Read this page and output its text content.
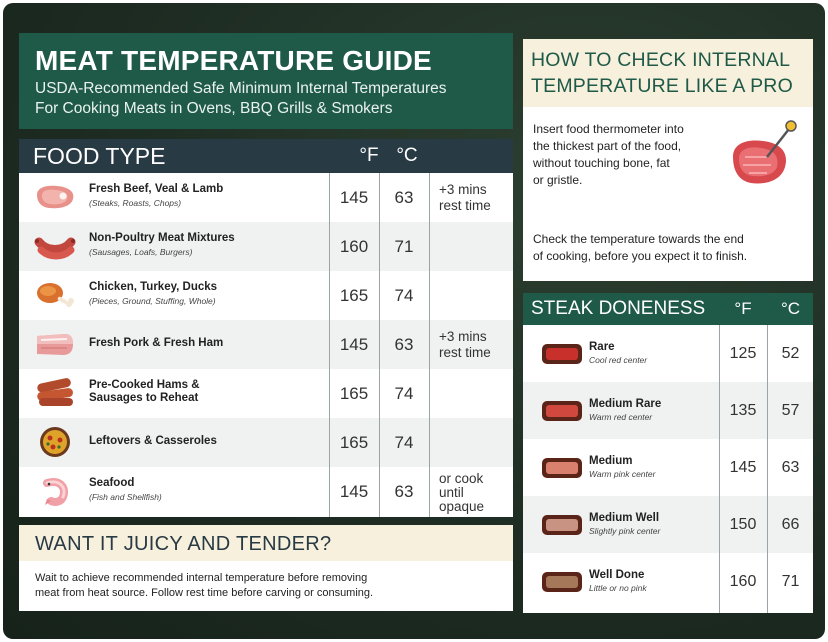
MEAT TEMPERATURE GUIDE
USDA-Recommended Safe Minimum Internal Temperatures
For Cooking Meats in Ovens, BBQ Grills & Smokers
FOOD TYPE	°F °C
Fresh Beef, Veal & Lamb
(Steaks, Roasts, Chops)	145	63	+3 mins
rest time
Non-Poultry Meat Mixtures
(Sausages, Loafs, Burgers)	160	71
Chicken, Turkey, Ducks
(Pieces, Ground, Stuffing, Whole)	165	74
Fresh Pork & Fresh Ham	145	63	+3 mins
rest time
Pre-Cooked Hams &
Sausages to Reheat	165	74
Leftovers & Casseroles	165	74
Seafood
(Fish and Shellfish)	145	63
or cook
until
opaque
WANT IT JUICY AND TENDER?
Wait to achieve recommended internal temperature before removing
meat from heat source. Follow rest time before carving or consuming.
HOW TO CHECK INTERNAL
TEMPERATURE LIKE A PRO
Insert food thermometer into
the thickest part of the food,
without touching bone, fat
or gristle.
Check the temperature towards the end
of cooking, before you expect it to finish.
STEAK DONENESS	°F	°C
Rare
Cool red center	125	52
Medium Rare
Warm red center	135	57
Medium
Warm pink center	145	63
Medium Well
Slightly pink center	150	66
Well Done
Little or no pink	160	71
